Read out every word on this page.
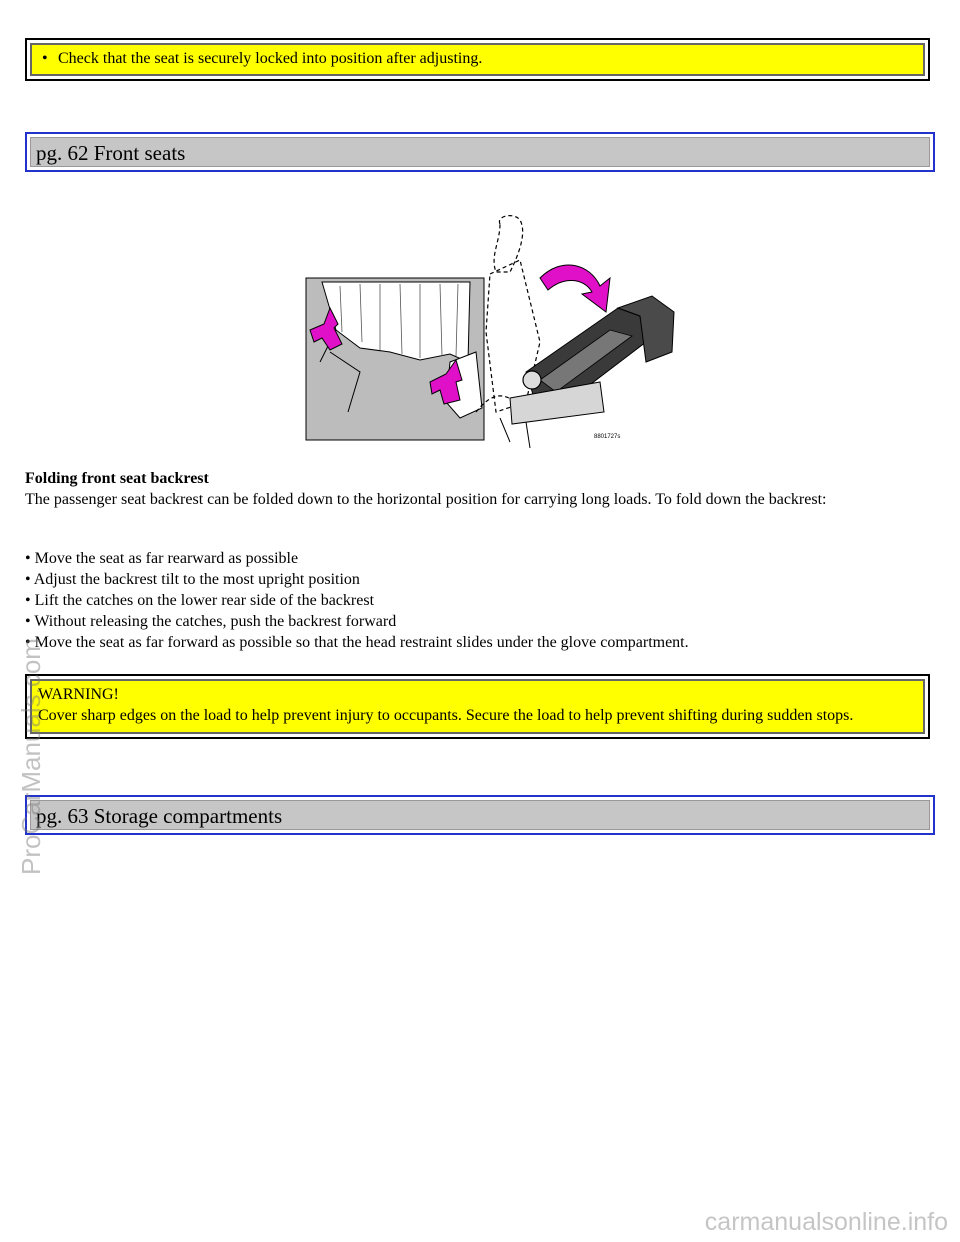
• Check that the seat is securely locked into position after adjusting.
pg. 62 Front seats
8801727s
Folding front seat backrest
The passenger seat backrest can be folded down to the horizontal position for carrying long loads. To fold down the backrest:
• Move the seat as far rearward as possible
• Adjust the backrest tilt to the most upright position
• Lift the catches on the lower rear side of the backrest
• Without releasing the catches, push the backrest forward
• Move the seat as far forward as possible so that the head restraint slides under the glove compartment.
WARNING!
Cover sharp edges on the load to help prevent injury to occupants. Secure the load to help prevent shifting during sudden stops.
pg. 63 Storage compartments
ProCarManuals.com
carmanualsonline.info
